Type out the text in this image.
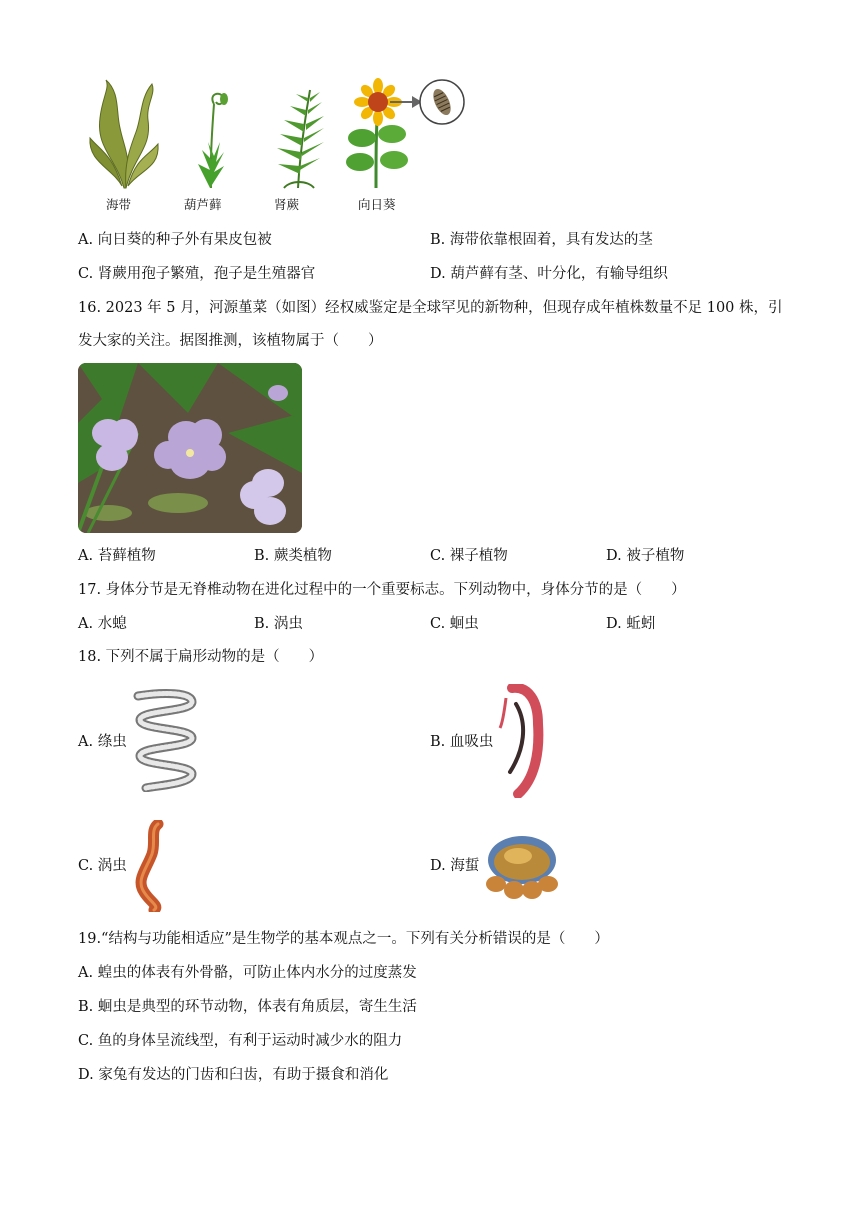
海带	葫芦藓	肾蕨	向日葵
A. 向日葵的种子外有果皮包被	B. 海带依靠根固着，具有发达的茎
C. 肾蕨用孢子繁殖，孢子是生殖器官	D. 葫芦藓有茎、叶分化，有输导组织
16. 2023 年 5 月，河源堇菜（如图）经权威鉴定是全球罕见的新物种，但现存成年植株数量不足 100 株，引发大家的关注。据图推测，该植物属于（　　）
A. 苔藓植物	B. 蕨类植物	C. 裸子植物	D. 被子植物
17. 身体分节是无脊椎动物在进化过程中的一个重要标志。下列动物中，身体分节的是（　　）
A. 水螅	B. 涡虫	C. 蛔虫	D. 蚯蚓
18. 下列不属于扁形动物的是（　　）
A. 绦虫	B. 血吸虫
C. 涡虫	D. 海蜇
19.“结构与功能相适应”是生物学的基本观点之一。下列有关分析错误的是（　　）
A. 蝗虫的体表有外骨骼，可防止体内水分的过度蒸发
B. 蛔虫是典型的环节动物，体表有角质层，寄生生活
C. 鱼的身体呈流线型，有利于运动时减少水的阻力
D. 家兔有发达的门齿和臼齿，有助于摄食和消化
